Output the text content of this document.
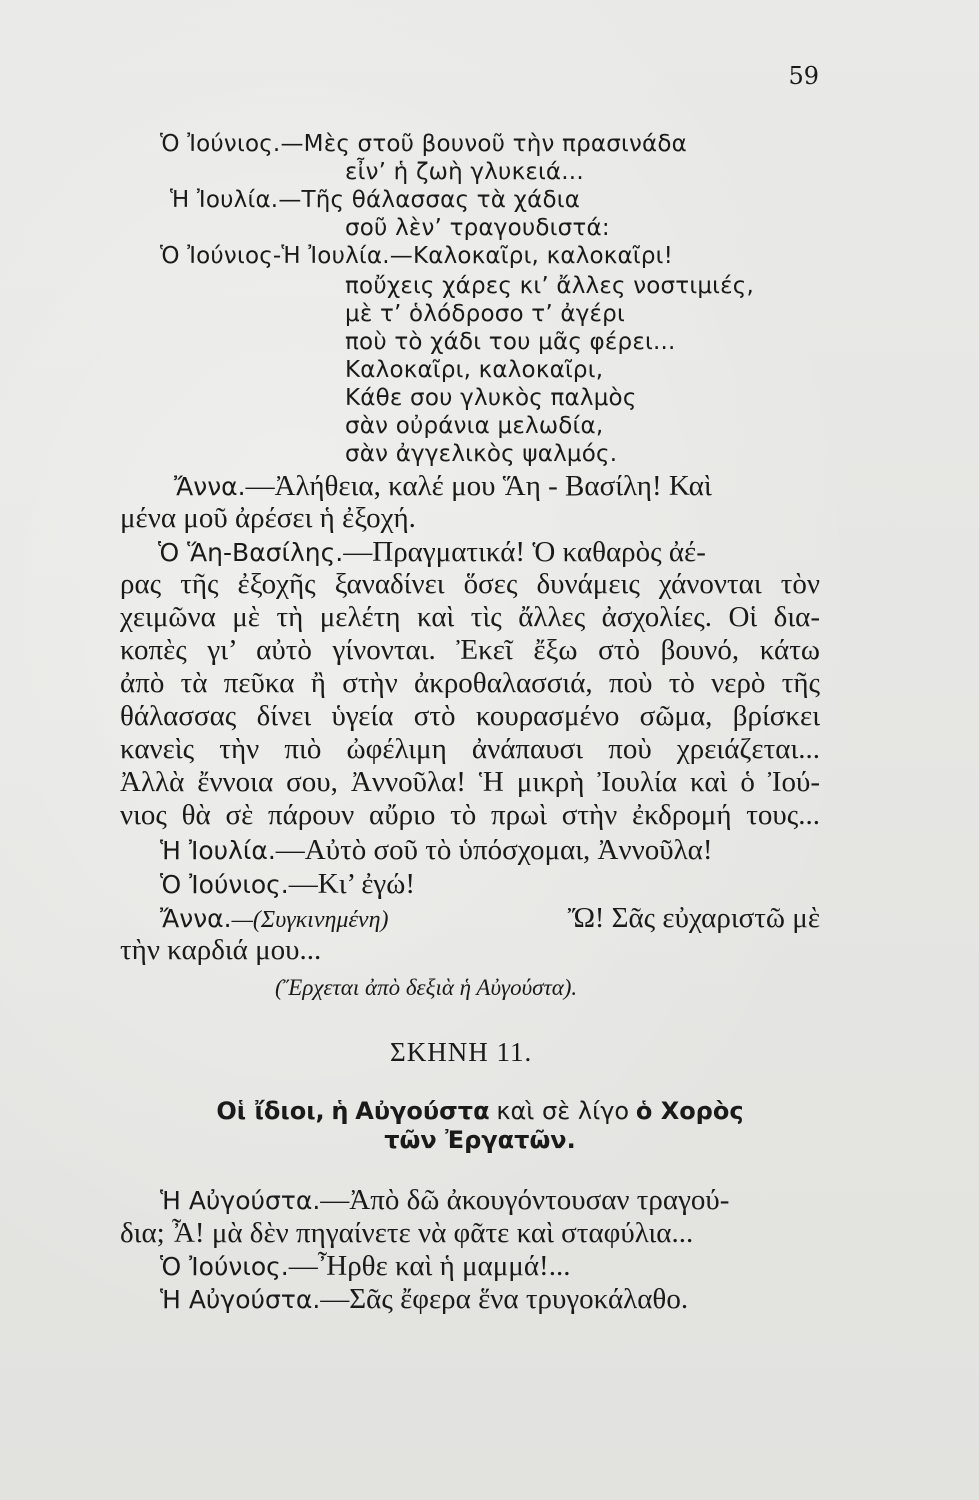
59
Ὁ Ἰούνιος.—Μὲς στοῦ βουνοῦ τὴν πρασινάδα
εἶν’ ἡ ζωὴ γλυκειά...
Ἡ Ἰουλία.—Τῆς θάλασσας τὰ χάδια
σοῦ λὲν’ τραγουδιστά:
Ὁ Ἰούνιος-Ἡ Ἰουλία.—Καλοκαῖρι, καλοκαῖρι!
ποὔχεις χάρες κι’ ἄλλες νοστιμιές,
μὲ τ’ ὁλόδροσο τ’ ἀγέρι
ποὺ τὸ χάδι του μᾶς φέρει...
Καλοκαῖρι, καλοκαῖρι,
Κάθε σου γλυκὸς παλμὸς
σὰν οὐράνια μελωδία,
σὰν ἀγγελικὸς ψαλμός.
Ἄννα.—Ἀλήθεια, καλέ μου Ἅη - Βασίλη! Καὶ
μένα μοῦ ἀρέσει ἡ ἐξοχή.
Ὁ Ἅη-Βασίλης.—Πραγματικά! Ὁ καθαρὸς ἀέ-
ρας τῆς ἐξοχῆς ξαναδίνει ὅσες δυνάμεις χάνονται τὸν
χειμῶνα μὲ τὴ μελέτη καὶ τὶς ἄλλες ἀσχολίες. Οἱ δια-
κοπὲς γι’ αὐτὸ γίνονται. Ἐκεῖ ἔξω στὸ βουνό, κάτω
ἀπὸ τὰ πεῦκα ἢ στὴν ἀκροθαλασσιά, ποὺ τὸ νερὸ τῆς
θάλασσας δίνει ὑγεία στὸ κουρασμένο σῶμα, βρίσκει
κανεὶς τὴν πιὸ ὠφέλιμη ἀνάπαυσι ποὺ χρειάζεται...
Ἀλλὰ ἔννοια σου, Ἀννοῦλα! Ἡ μικρὴ Ἰουλία καὶ ὁ Ἰού-
νιος θὰ σὲ πάρουν αὔριο τὸ πρωὶ στὴν ἐκδρομή τους...
Ἡ Ἰουλία.—Αὐτὸ σοῦ τὸ ὑπόσχομαι, Ἀννοῦλα!
Ὁ Ἰούνιος.—Κι’ ἐγώ!
Ἄννα.—(Συγκινημένη)	Ὤ! Σᾶς εὐχαριστῶ μὲ
τὴν καρδιά μου...
(Ἔρχεται ἀπὸ δεξιὰ ἡ Αὐγούστα).
ΣΚΗΝΗ 11.
Οἱ ἴδιοι, ἡ Αὐγούστα καὶ σὲ λίγο ὁ Χορὸς
τῶν Ἐργατῶν.
Ἡ Αὐγούστα.—Ἀπὸ δῶ ἀκουγόντουσαν τραγού-
δια; Ἆ! μὰ δὲν πηγαίνετε νὰ φᾶτε καὶ σταφύλια...
Ὁ Ἰούνιος.—Ἦρθε καὶ ἡ μαμμά!...
Ἡ Αὐγούστα.—Σᾶς ἔφερα ἕνα τρυγοκάλαθο.
